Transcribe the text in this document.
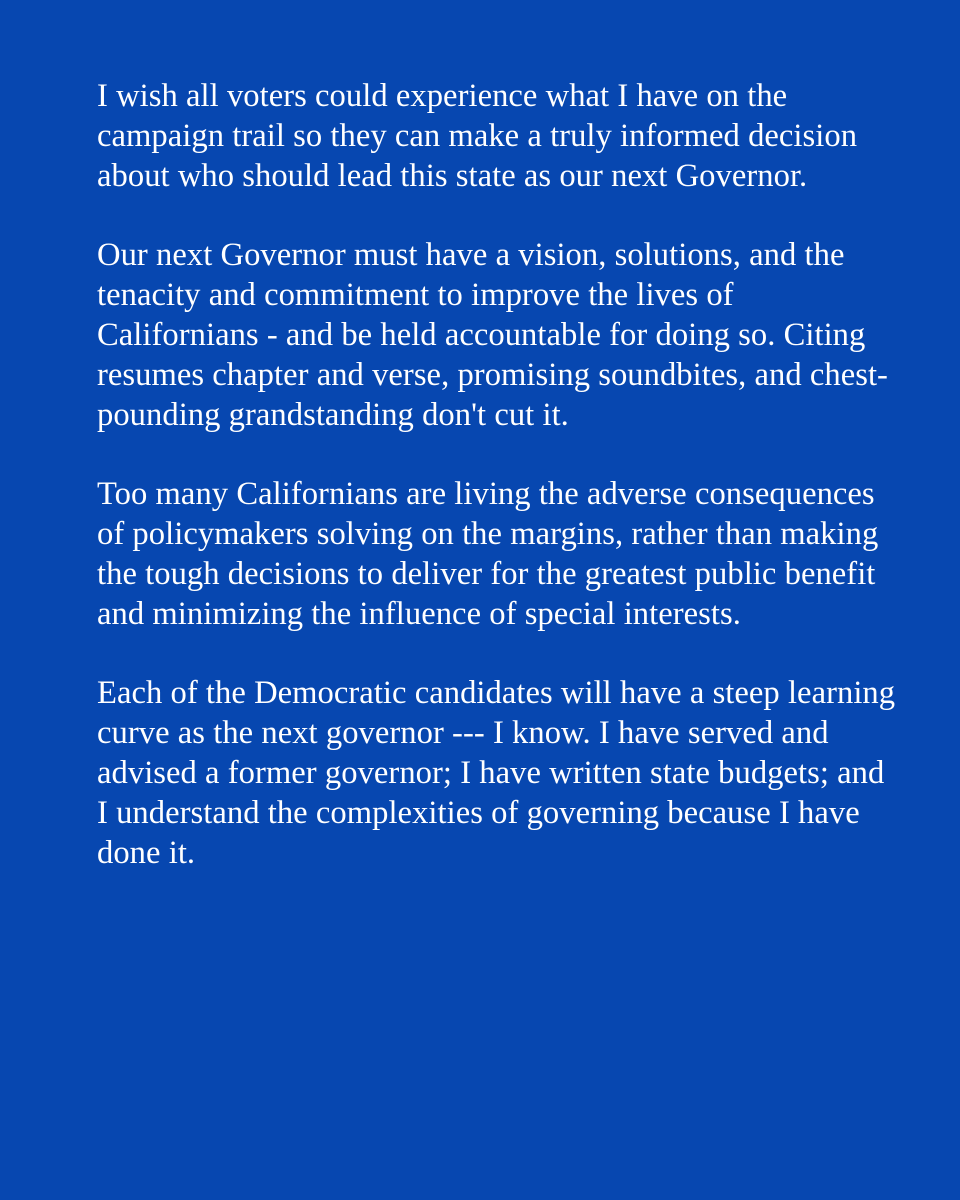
I wish all voters could experience what I have on the campaign trail so they can make a truly informed decision about who should lead this state as our next Governor.

Our next Governor must have a vision, solutions, and the tenacity and commitment to improve the lives of Californians - and be held accountable for doing so. Citing resumes chapter and verse, promising soundbites, and chest-pounding grandstanding don't cut it.

Too many Californians are living the adverse consequences of policymakers solving on the margins, rather than making the tough decisions to deliver for the greatest public benefit and minimizing the influence of special interests.

Each of the Democratic candidates will have a steep learning curve as the next governor --- I know. I have served and advised a former governor; I have written state budgets; and I understand the complexities of governing because I have done it.
